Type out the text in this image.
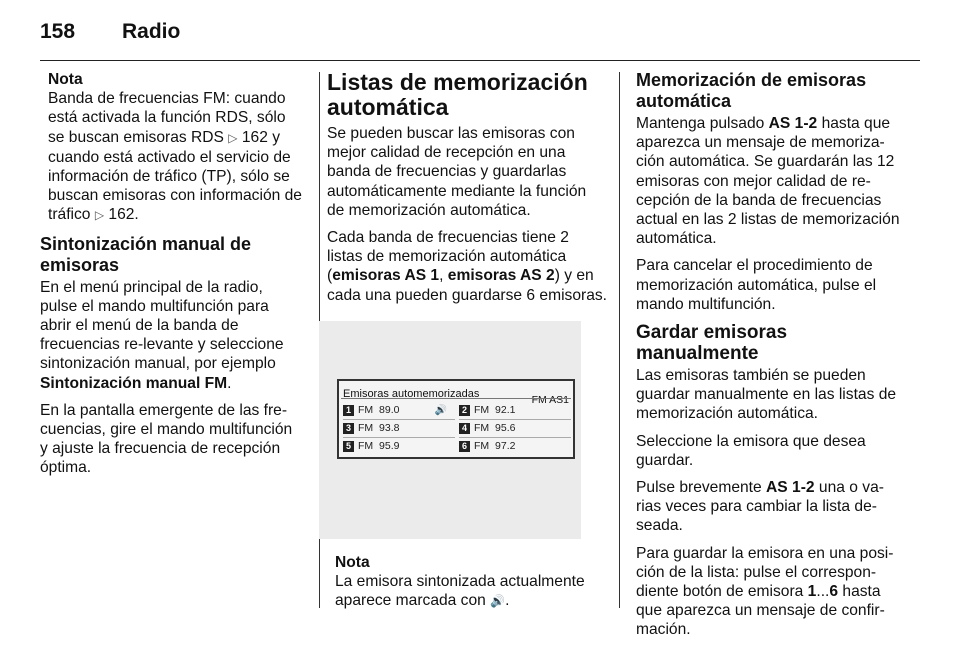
158 Radio
Nota

Banda de frecuencias FM: cuando está activada la función RDS, sólo se buscan emisoras RDS ▷ 162 y cuando está activado el servicio de información de tráfico (TP), sólo se buscan emisoras con información de tráfico ▷ 162.

Sintonización manual de emisoras

En el menú principal de la radio, pulse el mando multifunción para abrir el menú de la banda de frecuencias re-levante y seleccione sintonización manual, por ejemplo Sintonización manual FM.

En la pantalla emergente de las fre-cuencias, gire el mando multifunción y ajuste la frecuencia de recepción óptima.

Listas de memorización automática

Se pueden buscar las emisoras con mejor calidad de recepción en una banda de frecuencias y guardarlas automáticamente mediante la función de memorización automática.

Cada banda de frecuencias tiene 2 listas de memorización automática (emisoras AS 1, emisoras AS 2) y en cada una pueden guardarse 6 emisoras.

Emisoras automemorizadas	FM AS1
1 FM 89.0	🔊	2 FM 92.1
3 FM 93.8	4 FM 95.6
5 FM 95.9	6 FM 97.2
Nota
La emisora sintonizada actualmente aparece marcada con 🔊.
Memorización de emisoras automática

Mantenga pulsado AS 1-2 hasta que aparezca un mensaje de memoriza-ción automática. Se guardarán las 12 emisoras con mejor calidad de re-cepción de la banda de frecuencias actual en las 2 listas de memorización automática.

Para cancelar el procedimiento de memorización automática, pulse el mando multifunción.

Gardar emisoras manualmente

Las emisoras también se pueden guardar manualmente en las listas de memorización automática.

Seleccione la emisora que desea guardar.

Pulse brevemente AS 1-2 una o va-rias veces para cambiar la lista de-seada.

Para guardar la emisora en una posi-ción de la lista: pulse el correspon-diente botón de emisora 1...6 hasta que aparezca un mensaje de confir-mación.
